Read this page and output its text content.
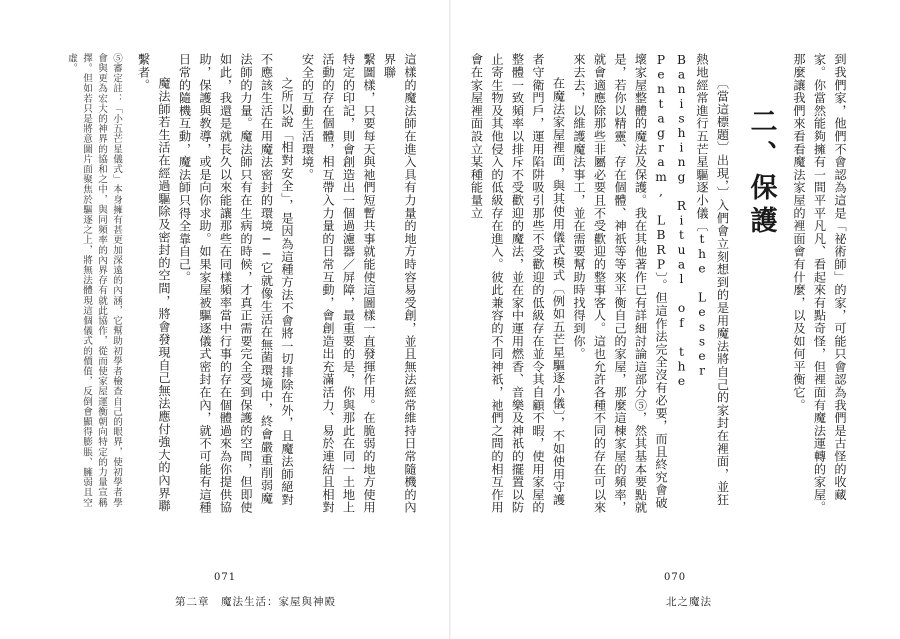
⑤審定註：「小五芒星儀式」本身擁有甚更加深遠的內涵，它幫助初學者檢查自己的眼界，使初學者學會與更為宏大的神界的協和之中，與同頻率的內界存有就此協作，從而使家屋運衡朝向特定的力量宣稱擇。但如若只是將意圖片面聚焦於驅逐之上，將無法體現這個儀式的價值，反倒會顯得膨脹、臃弱且空虛。	這樣的魔法師在進入具有力量的地方時容易受創，並且無法經常維持日常隨機的內界聯

繫圖樣，只要每天與祂們短暫共事就能使這圖樣一直發揮作用。在脆弱的地方使用特定的印記，則會創造出一個過濾器／屏障，最重要的是，你與那此在同一土地上活動的存在個體，相互帶入力量的日常互動，會創造出充滿活力、易於連結且相對安全的互動生活環境。

之所以說「相對安全」，是因為這種方法不會將一切排除在外，且魔法師絕對不應該生活在用魔法密封的環境──它就像生活在無菌環境中，終會嚴重削弱魔法師的力量。魔法師只有在生病的時候，才真正需要完全受到保護的空間，但即使如此，我還是就長久以來能讓那些在同樣頻率當中行事的存在個體過來為你提供協助，保護與教導，或是向你求助。如果家屋被驅逐儀式密封在內，就不可能有這種日常的隨機互動，魔法師只得全靠自己。

魔法師若生活在經過驅除及密封的空間，將會發現自己無法應付強大的內界聯繫者。

071
第二章　魔法生活：家屋與神殿
070
北之魔法

到我們家，他們不會認為這是「祕術師」的家，可能只會認為我們是古怪的收藏家。你當然能夠擁有一間平平凡凡、看起來有點奇怪，但裡面有魔法運轉的家屋。那麼讓我們來看看魔法家屋的裡面會有什麼，以及如何平衡它。

二、保護

〔當這標題〕出現，〕入們會立刻想到的是用魔法將自己的家封在裡面，並狂熱地經常進行五芒星驅逐小儀〔the Lesser Banishing Ritual of the Pentagram, LBRP〕。但這作法完全沒有必要，而且終究會破壞家屋整體的魔法及保護。我在其他著作已有詳細討論這部分⑤，然其基本要點就是，若你以精靈、存在個體、神祇等等來平衡自己的家屋，那麼這棟家屋的頻率，就會適應除那些非屬必要且不受歡迎的整事客人。這也允許各種不同的存在可以來來去去，以維護魔法事工，並在需要幫助時找得到你。

在魔法家屋裡面，與其使用儀式模式〔例如五芒星驅逐小儀〕，不如使用守護者守衛門戶，運用陷阱吸引那些不受歡迎的低級存在並令其自顧不暇，使用家屋的整體一致頻率以排斥不受歡迎的魔法，並在家中運用燃香、音樂及神祇的擺置以防止寄生物及其他侵入的低級存在進入。彼此兼容的不同神祇，祂們之間的相互作用會在家屋裡面設立某種能量立
